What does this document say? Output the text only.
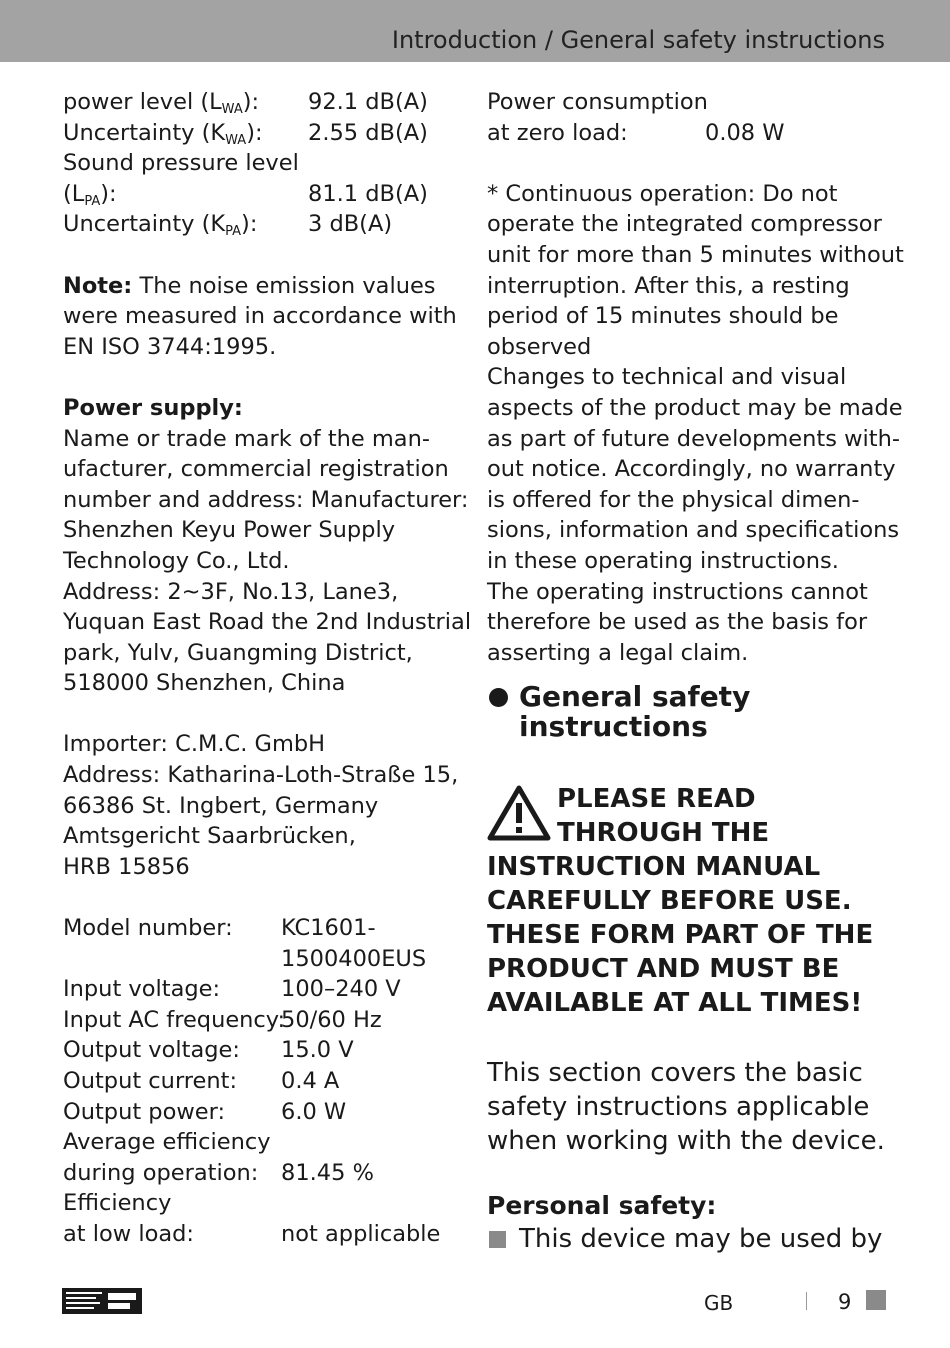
Introduction / General safety instructions
power level $(L_{WA})$:	92.1 dB(A)
Uncertainty $(K_{WA})$:	2.55 dB(A)
Sound pressure level
$(L_{PA})$:	81.1 dB(A)
Uncertainty $(K_{PA})$:	3 dB(A)
Note: The noise emission values
were measured in accordance with
EN ISO 3744:1995.
Power supply:
Name or trade mark of the man-
ufacturer, commercial registration
number and address: Manufacturer:
Shenzhen Keyu Power Supply
Technology Co., Ltd.
Address: 2~3F, No.13, Lane3,
Yuquan East Road the 2nd Industrial
park, Yulv, Guangming District,
518000 Shenzhen, China
Importer: C.M.C. GmbH
Address: Katharina-Loth-Straße 15,
66386 St. Ingbert, Germany
Amtsgericht Saarbrücken,
HRB 15856
Model number:	KC1601-
1500400EUS
Input voltage:	100–240 V
Input AC frequency:
50/60 Hz
Output voltage:	15.0 V
Output current:	0.4 A
Output power:	6.0 W
Average efficiency
during operation:	81.45 %
Efficiency
at low load:	not applicable
Power consumption
at zero load:	0.08 W
* Continuous operation: Do not
operate the integrated compressor
unit for more than 5 minutes without
interruption. After this, a resting
period of 15 minutes should be
observed
Changes to technical and visual
aspects of the product may be made
as part of future developments with-
out notice. Accordingly, no warranty
is offered for the physical dimen-
sions, information and specifications
in these operating instructions.
The operating instructions cannot
therefore be used as the basis for
asserting a legal claim.
General safety
instructions
PLEASE READ
THROUGH THE
INSTRUCTION MANUAL
CAREFULLY BEFORE USE.
THESE FORM PART OF THE
PRODUCT AND MUST BE
AVAILABLE AT ALL TIMES!
This section covers the basic
safety instructions applicable
when working with the device.
Personal safety:
This device may be used by
GB	9
